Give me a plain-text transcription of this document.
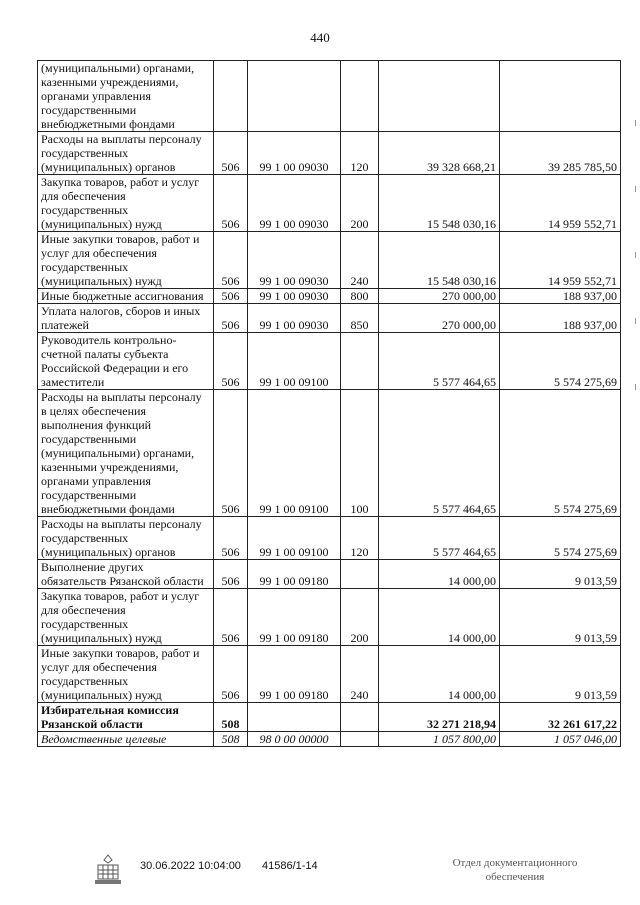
440
(муниципальными) органами, казенными учреждениями, органами управления государственными внебюджетными фондами					
Расходы на выплаты персоналу государственных (муниципальных) органов	506	99 1 00 09030	120	39 328 668,21	39 285 785,50
Закупка товаров, работ и услуг для обеспечения государственных (муниципальных) нужд	506	99 1 00 09030	200	15 548 030,16	14 959 552,71
Иные закупки товаров, работ и услуг для обеспечения государственных (муниципальных) нужд	506	99 1 00 09030	240	15 548 030,16	14 959 552,71
Иные бюджетные ассигнования	506	99 1 00 09030	800	270 000,00	188 937,00
Уплата налогов, сборов и иных платежей	506	99 1 00 09030	850	270 000,00	188 937,00
Руководитель контрольно-счетной палаты субъекта Российской Федерации и его заместители	506	99 1 00 09100		5 577 464,65	5 574 275,69
Расходы на выплаты персоналу в целях обеспечения выполнения функций государственными (муниципальными) органами, казенными учреждениями, органами управления государственными внебюджетными фондами	506	99 1 00 09100	100	5 577 464,65	5 574 275,69
Расходы на выплаты персоналу государственных (муниципальных) органов	506	99 1 00 09100	120	5 577 464,65	5 574 275,69
Выполнение других обязательств Рязанской области	506	99 1 00 09180		14 000,00	9 013,59
Закупка товаров, работ и услуг для обеспечения государственных (муниципальных) нужд	506	99 1 00 09180	200	14 000,00	9 013,59
Иные закупки товаров, работ и услуг для обеспечения государственных (муниципальных) нужд	506	99 1 00 09180	240	14 000,00	9 013,59
Избирательная комиссия Рязанской области	508			32 271 218,94	32 261 617,22
Ведомственные целевые	508	98 0 00 00000		1 057 800,00	1 057 046,00
30.06.2022 10:04:00 41586/1-14	Отдел документационного
обеспечения
